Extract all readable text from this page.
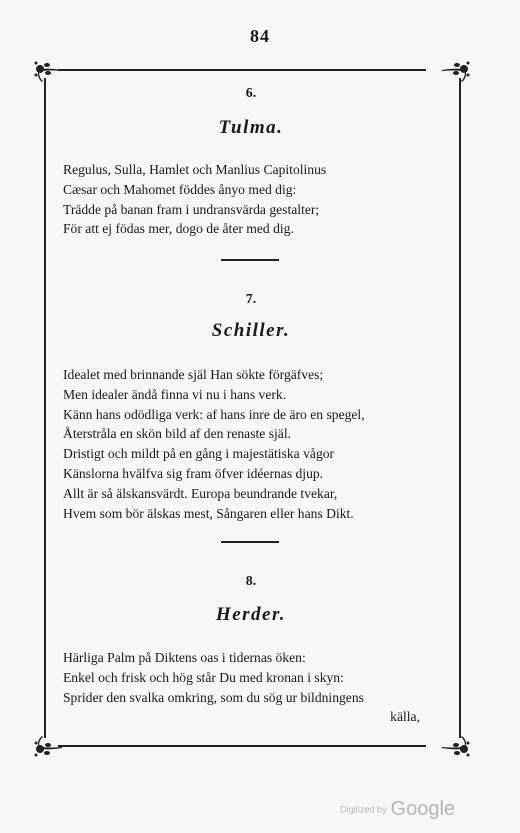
84
6.
Tulma.
Regulus, Sulla, Hamlet och Manlius Capitolinus
Cæsar och Mahomet föddes ånyo med dig:
Trädde på banan fram i undransvärda gestalter;
För att ej födas mer, dogo de åter med dig.
7.
Schiller.
Idealet med brinnande själ Han sökte förgäfves;
Men idealer ändå finna vi nu i hans verk.
Känn hans odödliga verk: af hans inre de äro en spegel,
Återstråla en skön bild af den renaste själ.
Dristigt och mildt på en gång i majestätiska vågor
Känslorna hvälfva sig fram öfver idéernas djup.
Allt är så älskansvärdt. Europa beundrande tvekar,
Hvem som bör älskas mest, Sångaren eller hans Dikt.
8.
Herder.
Härliga Palm på Diktens oas i tidernas öken:
Enkel och frisk och hög står Du med kronan i skyn:
Sprider den svalka omkring, som du sög ur bildningens
källa,
Digitized by Google
